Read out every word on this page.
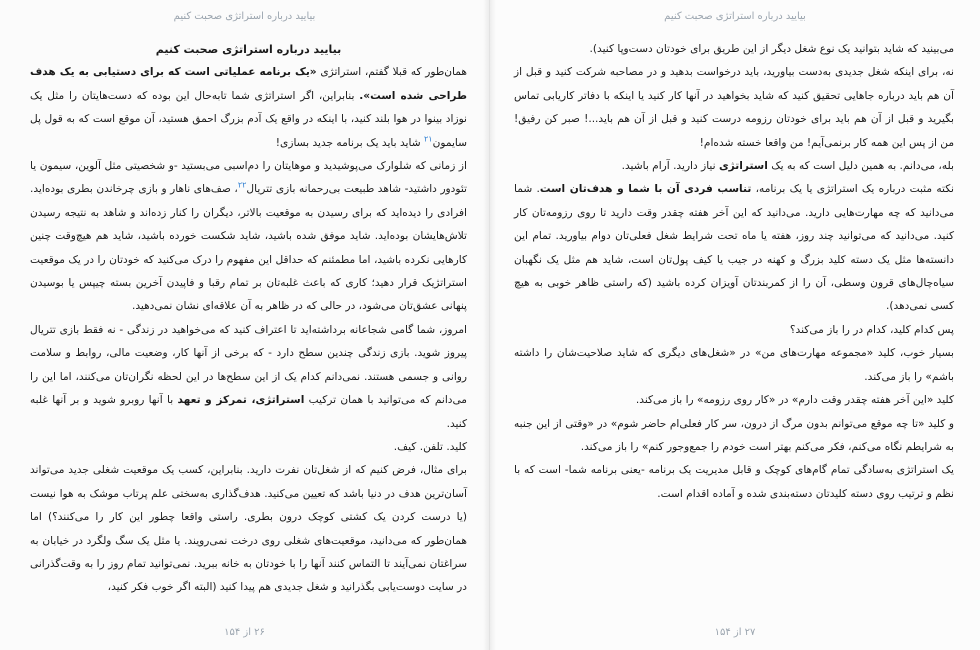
بیایید درباره استراتژی صحبت کنیم

بیایید درباره استراتژی صحبت کنیم

همان‌طور که قبلا گفتم، استراتژی «یک برنامه عملیاتی است که برای دستیابی به یک هدف طراحی شده است». بنابراین، اگر استراتژی شما تابه‌حال این بوده که دست‌هایتان را مثل یک نوزاد بینوا در هوا بلند کنید، با اینکه در واقع یک آدم بزرگ احمق هستید، آن موقع است که به قول پل سایمون$^{۲۱}$ شاید باید یک برنامه جدید بسازی!

از زمانی که شلوارک می‌پوشیدید و موهایتان را دم‌اسبی می‌بستید -و شخصیتی مثل آلوین، سیمون یا تئودور داشتید- شاهد طبیعت بی‌رحمانه بازی تتریال$^{۲۲}$، صف‌های ناهار و بازی چرخاندن بطری بوده‌اید. افرادی را دیده‌اید که برای رسیدن به موقعیت بالاتر، دیگران را کنار زده‌اند و شاهد به نتیجه رسیدن تلاش‌هایشان بوده‌اید. شاید موفق شده باشید، شاید شکست خورده باشید، شاید هم هیچ‌وقت چنین کارهایی نکرده باشید، اما مطمئنم که حداقل این مفهوم را درک می‌کنید که خودتان را در یک موقعیت استراتژیک قرار دهید؛ کاری که باعث غلبه‌تان بر تمام رقبا و فاپیدن آخرین بسته چیپس یا بوسیدن پنهانی عشق‌تان می‌شود، در حالی که در ظاهر به آن علاقه‌ای نشان نمی‌دهید.

امروز، شما گامی شجاعانه برداشته‌اید تا اعتراف کنید که می‌خواهید در زندگی - نه فقط بازی تتریال پیروز شوید. بازی زندگی چندین سطح دارد - که برخی از آنها کار، وضعیت مالی، روابط و سلامت روانی و جسمی هستند. نمی‌دانم کدام یک از این سطح‌ها در این لحظه نگران‌تان می‌کنند، اما این را می‌دانم که می‌توانید با همان ترکیب استراتژی، تمرکز و تعهد با آنها روبرو شوید و بر آنها غلبه کنید.

کلید. تلفن. کیف.

برای مثال، فرض کنیم که از شغل‌تان نفرت دارید. بنابراین، کسب یک موقعیت شغلی جدید می‌تواند آسان‌ترین هدف در دنیا باشد که تعیین می‌کنید. هدف‌گذاری به‌سختی علم پرتاب موشک به هوا نیست (یا درست کردن یک کشتی کوچک درون بطری. راستی واقعا چطور این کار را می‌کنند؟) اما همان‌طور که می‌دانید، موقعیت‌های شغلی روی درخت نمی‌رویند. یا مثل یک سگ ولگرد در خیابان به سراغتان نمی‌آیند تا التماس کنند آنها را با خودتان به خانه ببرید. نمی‌توانید تمام روز را به وقت‌گذرانی در سایت دوست‌یابی بگذرانید و شغل جدیدی هم پیدا کنید (البته اگر خوب فکر کنید،

۲۶ از ۱۵۴
بیایید درباره استراتژی صحبت کنیم

می‌بینید که شاید بتوانید یک نوع شغل دیگر از این طریق برای خودتان دست‌وپا کنید).

نه، برای اینکه شغل جدیدی به‌دست بیاورید، باید درخواست بدهید و در مصاحبه شرکت کنید و قبل از آن هم باید درباره جاهایی تحقیق کنید که شاید بخواهید در آنها کار کنید یا اینکه با دفاتر کاریابی تماس بگیرید و قبل از آن هم باید برای خودتان رزومه درست کنید و قبل از آن هم باید...! صبر کن رفیق! من از پس این همه کار برنمی‌آیم! من واقعا خسته شده‌ام!

بله، می‌دانم. به همین دلیل است که به یک استراتژی نیاز دارید. آرام باشید.

نکته مثبت درباره یک استراتژی یا یک برنامه، تناسب فردی آن با شما و هدف‌تان است. شما می‌دانید که چه مهارت‌هایی دارید. می‌دانید که این آخر هفته چقدر وقت دارید تا روی رزومه‌تان کار کنید. می‌دانید که می‌توانید چند روز، هفته یا ماه تحت شرایط شغل فعلی‌تان دوام بیاورید. تمام این دانسته‌ها مثل یک دسته کلید بزرگ و کهنه در جیب یا کیف پول‌تان است، شاید هم مثل یک نگهبان سیاه‌چال‌های قرون وسطی، آن را از کمربندتان آویزان کرده باشید (که راستی ظاهر خوبی به هیچ کسی نمی‌دهد).

پس کدام کلید، کدام در را باز می‌کند؟

بسیار خوب، کلید «مجموعه مهارت‌های من» در «شغل‌های دیگری که شاید صلاحیت‌شان را داشته باشم» را باز می‌کند.

کلید «این آخر هفته چقدر وقت دارم» در «کار روی رزومه» را باز می‌کند.

و کلید «تا چه موقع می‌توانم بدون مرگ از درون، سر کار فعلی‌ام حاضر شوم» در «وقتی از این جنبه به شرایطم نگاه می‌کنم، فکر می‌کنم بهتر است خودم را جمع‌وجور کنم» را باز می‌کند.

یک استراتژی به‌سادگی تمام گام‌های کوچک و قابل مدیریت یک برنامه -یعنی برنامه شما- است که با نظم و ترتیب روی دسته کلیدتان دسته‌بندی شده و آماده اقدام است.

۲۷ از ۱۵۴
